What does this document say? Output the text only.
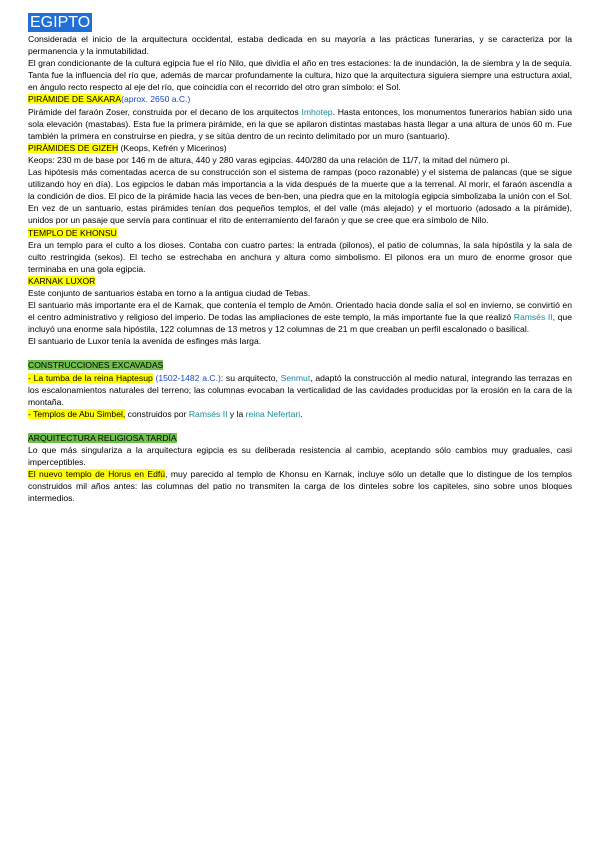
EGIPTO

Considerada el inicio de la arquitectura occidental, estaba dedicada en su mayoría a las prácticas funerarias, y se caracteriza por la permanencia y la inmutabilidad.

El gran condicionante de la cultura egipcia fue el río Nilo, que dividía el año en tres estaciones: la de inundación, la de siembra y la de sequía. Tanta fue la influencia del río que, además de marcar profundamente la cultura, hizo que la arquitectura siguiera siempre una estructura axial, en ángulo recto respecto al eje del río, que coincidía con el recorrido del otro gran símbolo: el Sol.

PIRÁMIDE DE SAKARA(aprox. 2650 a.C.)

Pirámide del faraón Zoser, construida por el decano de los arquitectos Imhotep. Hasta entonces, los monumentos funerarios habían sido una sola elevación (mastabas). Esta fue la primera pirámide, en la que se apilaron distintas mastabas hasta llegar a una altura de unos 60 m. Fue también la primera en construirse en piedra, y se sitúa dentro de un recinto delimitado por un muro (santuario).

PIRÁMIDES DE GIZEH (Keops, Kefrén y Micerinos)

Keops: 230 m de base por 146 m de altura, 440 y 280 varas egipcias. 440/280 da una relación de 11/7, la mitad del número pi.

Las hipótesis más comentadas acerca de su construcción son el sistema de rampas (poco razonable) y el sistema de palancas (que se sigue utilizando hoy en día). Los egipcios le daban más importancia a la vida después de la muerte que a la terrenal. Al morir, el faraón ascendía a la condición de dios. El pico de la pirámide hacia las veces de ben-ben, una piedra que en la mitología egipcia simbolizaba la unión con el Sol. En vez de un santuario, estas pirámides tenían dos pequeños templos, el del valle (más alejado) y el mortuorio (adosado a la pirámide), unidos por un pasaje que servía para continuar el rito de enterramiento del faraón y que se cree que era símbolo de Nilo.

TEMPLO DE KHONSU

Era un templo para el culto a los dioses. Contaba con cuatro partes: la entrada (pilonos), el patio de columnas, la sala hipóstila y la sala de culto restringida (sekos). El techo se estrechaba en anchura y altura como simbolismo. El pilonos era un muro de enorme grosor que terminaba en una gola egipcia.

KARNAK LUXOR

Este conjunto de santuarios estaba en torno a la antigua ciudad de Tebas.

El santuario más importante era el de Karnak, que contenía el templo de Amón. Orientado hacia donde salía el sol en invierno, se convirtió en el centro administrativo y religioso del imperio. De todas las ampliaciones de este templo, la más importante fue la que realizó Ramsés II, que incluyó una enorme sala hipóstila, 122 columnas de 13 metros y 12 columnas de 21 m que creaban un perfil escalonado o basilical.

El santuario de Luxor tenía la avenida de esfinges más larga.

CONSTRUCCIONES EXCAVADAS

- La tumba de la reina Haptesup (1502-1482 a.C.): su arquitecto, Senmut, adaptó la construcción al medio natural, integrando las terrazas en los escalonamientos naturales del terreno; las columnas evocaban la verticalidad de las cavidades producidas por la erosión en la cara de la montaña.

- Templos de Abu Simbel, construidos por Ramsés II y la reina Nefertari.

ARQUITECTURA RELIGIOSA TARDÍA

Lo que más singulariza a la arquitectura egipcia es su deliberada resistencia al cambio, aceptando sólo cambios muy graduales, casi imperceptibles.

El nuevo templo de Horus en Edfú, muy parecido al templo de Khonsu en Karnak, incluye sólo un detalle que lo distingue de los templos construidos mil años antes: las columnas del patio no transmiten la carga de los dinteles sobre los capiteles, sino sobre unos bloques intermedios.
